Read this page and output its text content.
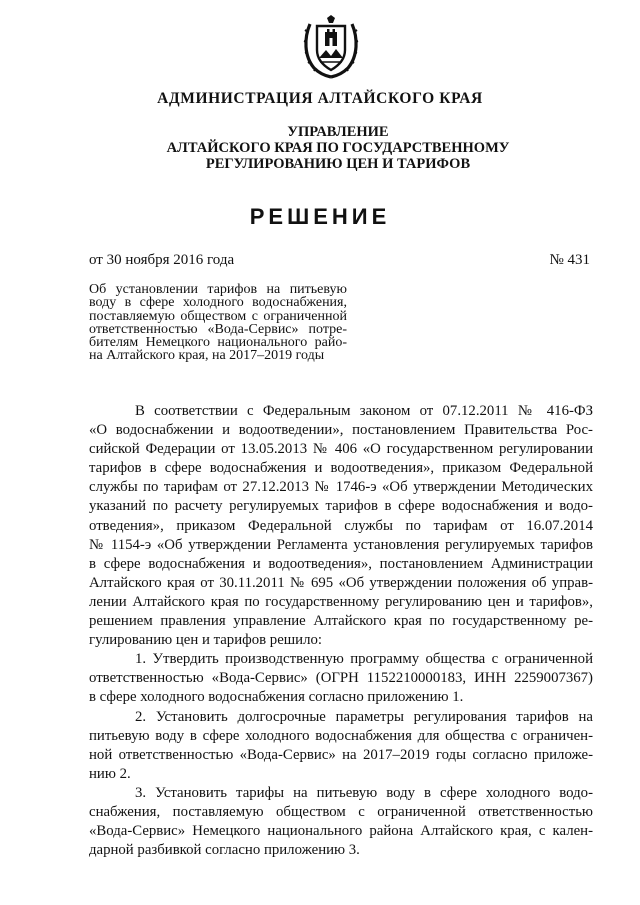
АДМИНИСТРАЦИЯ АЛТАЙСКОГО КРАЯ
УПРАВЛЕНИЕ
АЛТАЙСКОГО КРАЯ ПО ГОСУДАРСТВЕННОМУ
РЕГУЛИРОВАНИЮ ЦЕН И ТАРИФОВ
РЕШЕНИЕ
от 30 ноября 2016 года	№ 431
Об установлении тарифов на питьевую
воду в сфере холодного водоснабжения,
поставляемую обществом с ограниченной
ответственностью «Вода-Сервис» потре-
бителям Немецкого национального райо-
на Алтайского края, на 2017–2019 годы
В соответствии с Федеральным законом от 07.12.2011 № 416-ФЗ
«О водоснабжении и водоотведении», постановлением Правительства Рос-
сийской Федерации от 13.05.2013 № 406 «О государственном регулировании
тарифов в сфере водоснабжения и водоотведения», приказом Федеральной
службы по тарифам от 27.12.2013 № 1746-э «Об утверждении Методических
указаний по расчету регулируемых тарифов в сфере водоснабжения и водо-
отведения», приказом Федеральной службы по тарифам от 16.07.2014
№ 1154-э «Об утверждении Регламента установления регулируемых тарифов
в сфере водоснабжения и водоотведения», постановлением Администрации
Алтайского края от 30.11.2011 № 695 «Об утверждении положения об управ-
лении Алтайского края по государственному регулированию цен и тарифов»,
решением правления управление Алтайского края по государственному ре-
гулированию цен и тарифов решило:
1. Утвердить производственную программу общества с ограниченной
ответственностью «Вода-Сервис» (ОГРН 1152210000183, ИНН 2259007367)
в сфере холодного водоснабжения согласно приложению 1.
2. Установить долгосрочные параметры регулирования тарифов на
питьевую воду в сфере холодного водоснабжения для общества с ограничен-
ной ответственностью «Вода-Сервис» на 2017–2019 годы согласно приложе-
нию 2.
3. Установить тарифы на питьевую воду в сфере холодного водо-
снабжения, поставляемую обществом с ограниченной ответственностью
«Вода-Сервис» Немецкого национального района Алтайского края, с кален-
дарной разбивкой согласно приложению 3.
